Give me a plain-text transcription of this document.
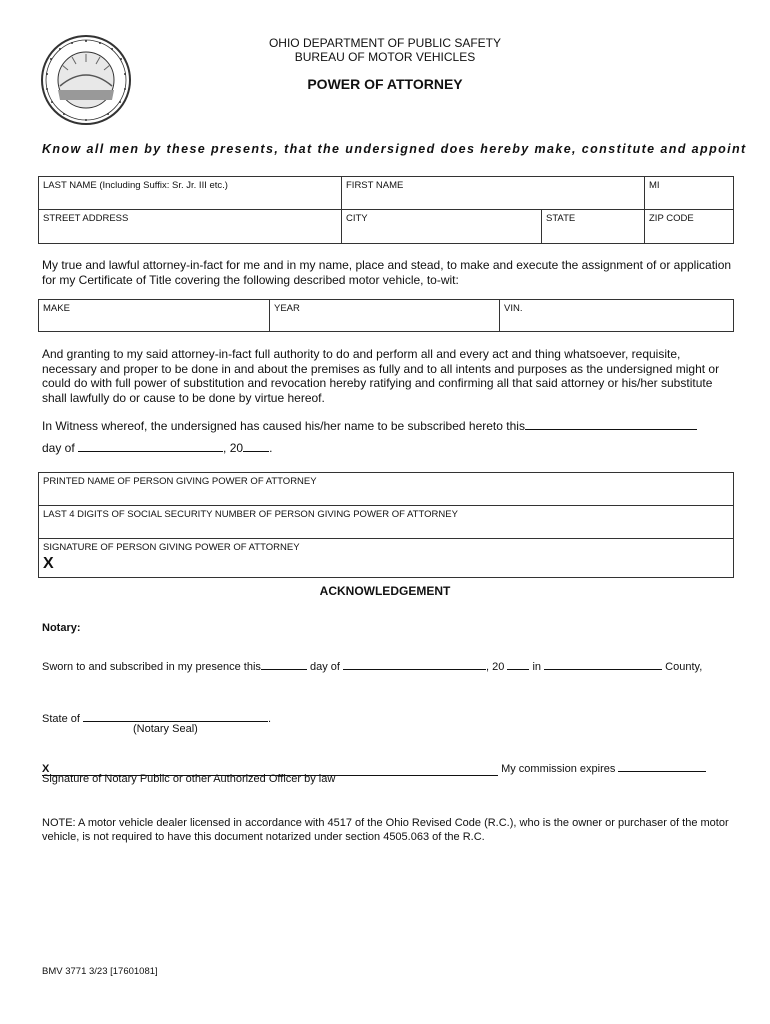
OHIO DEPARTMENT OF PUBLIC SAFETY
BUREAU OF MOTOR VEHICLES
POWER OF ATTORNEY
Know all men by these presents, that the undersigned does hereby make, constitute and appoint
LAST NAME (Including Suffix: Sr. Jr. III etc.)	FIRST NAME	MI
STREET ADDRESS	CITY	STATE	ZIP CODE
My true and lawful attorney-in-fact for me and in my name, place and stead, to make and execute the assignment of or application for my Certificate of Title covering the following described motor vehicle, to-wit:
MAKE	YEAR	VIN.
And granting to my said attorney-in-fact full authority to do and perform all and every act and thing whatsoever, requisite, necessary and proper to be done in and about the premises as fully and to all intents and purposes as the undersigned might or could do with full power of substitution and revocation hereby ratifying and confirming all that said attorney or his/her substitute shall lawfully do or cause to be done by virtue hereof.
In Witness whereof, the undersigned has caused his/her name to be subscribed hereto this
day of	, 20 .
PRINTED NAME OF PERSON GIVING POWER OF ATTORNEY
LAST 4 DIGITS OF SOCIAL SECURITY NUMBER OF PERSON GIVING POWER OF ATTORNEY
SIGNATURE OF PERSON GIVING POWER OF ATTORNEY
X
ACKNOWLEDGEMENT
Notary:
Sworn to and subscribed in my presence this	day of	, 20	in	County,
State of	.
(Notary Seal)
X	My commission expires
Signature of Notary Public or other Authorized Officer by law
NOTE: A motor vehicle dealer licensed in accordance with 4517 of the Ohio Revised Code (R.C.), who is the owner or purchaser of the motor vehicle, is not required to have this document notarized under section 4505.063 of the R.C.
BMV 3771 3/23 [17601081]
